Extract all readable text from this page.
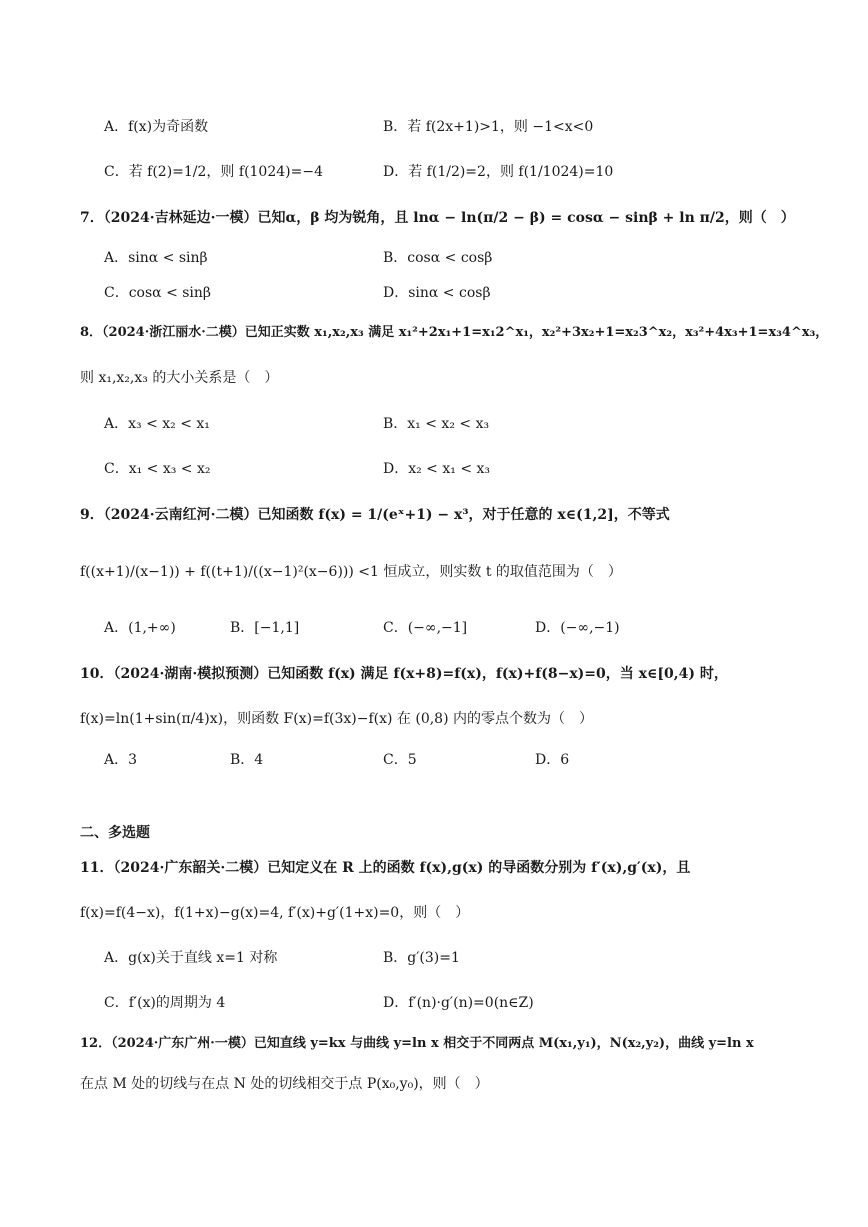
A．f(x)为奇函数	B．若 f(2x+1)>1，则 −1<x<0
C．若 f(2)=1/2，则 f(1024)=−4	D．若 f(1/2)=2，则 f(1/1024)=10
7．（2024·吉林延边·一模）已知α，β 均为锐角，且 lnα − ln(π/2 − β) = cosα − sinβ + ln π/2，则（　）
A．sinα < sinβ	B．cosα < cosβ
C．cosα < sinβ	D．sinα < cosβ
8．（2024·浙江丽水·二模）已知正实数 x₁,x₂,x₃ 满足 x₁²+2x₁+1=x₁2^x₁，x₂²+3x₂+1=x₂3^x₂，x₃²+4x₃+1=x₃4^x₃，
则 x₁,x₂,x₃ 的大小关系是（　）
A．x₃ < x₂ < x₁	B．x₁ < x₂ < x₃
C．x₁ < x₃ < x₂	D．x₂ < x₁ < x₃
9．（2024·云南红河·二模）已知函数 f(x) = 1/(eˣ+1) − x³，对于任意的 x∈(1,2]，不等式
f((x+1)/(x−1)) + f((t+1)/((x−1)²(x−6))) <1 恒成立，则实数 t 的取值范围为（　）
A．(1,+∞)	B．[−1,1]	C．(−∞,−1]	D．(−∞,−1)
10．（2024·湖南·模拟预测）已知函数 f(x) 满足 f(x+8)=f(x)，f(x)+f(8−x)=0，当 x∈[0,4) 时，
f(x)=ln(1+sin(π/4)x)，则函数 F(x)=f(3x)−f(x) 在 (0,8) 内的零点个数为（　）
A．3	B．4	C．5	D．6
二、多选题
11．（2024·广东韶关·二模）已知定义在 R 上的函数 f(x),g(x) 的导函数分别为 f′(x),g′(x)，且
f(x)=f(4−x)，f(1+x)−g(x)=4, f′(x)+g′(1+x)=0，则（　）
A．g(x)关于直线 x=1 对称	B．g′(3)=1
C．f′(x)的周期为 4	D．f′(n)·g′(n)=0(n∈Z)
12．（2024·广东广州·一模）已知直线 y=kx 与曲线 y=ln x 相交于不同两点 M(x₁,y₁)，N(x₂,y₂)，曲线 y=ln x
在点 M 处的切线与在点 N 处的切线相交于点 P(x₀,y₀)，则（　）
